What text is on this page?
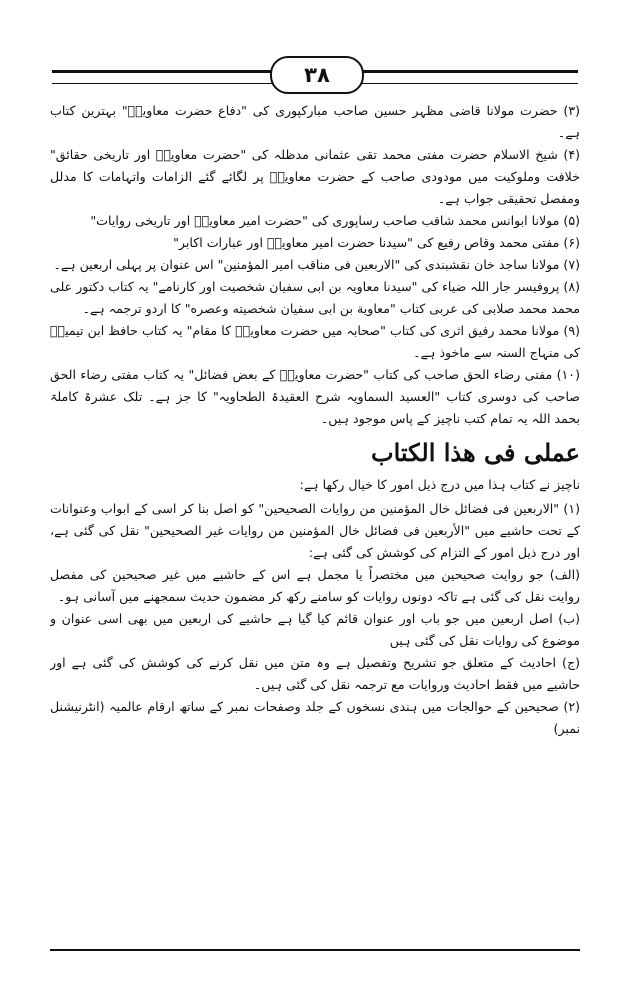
۳۸

(۳) حضرت مولانا قاضی مظہر حسین صاحب مبارکپوری کی "دفاع حضرت معاویہؓ" بہترین کتاب ہے۔

(۴) شیخ الاسلام حضرت مفتی محمد تقی عثمانی مدظلہ کی "حضرت معاویہؓ اور تاریخی حقائق" خلافت وملوکیت میں مودودی صاحب کے حضرت معاویہؓ پر لگائے گئے الزامات واتہامات کا مدلل ومفصل تحقیقی جواب ہے۔

(۵) مولانا ابوانس محمد شاقب صاحب رساپوری کی "حضرت امیر معاویہؓ اور تاریخی روایات"

(۶) مفتی محمد وقاص رفیع کی "سیدنا حضرت امیر معاویہؓ اور عبارات اکابر"

(۷) مولانا ساجد خان نقشبندی کی "الاربعین فی مناقب امیر المؤمنین" اس عنوان پر پہلی اربعین ہے۔

(۸) پروفیسر جار اللہ ضیاء کی "سیدنا معاویہ بن ابی سفیان شخصیت اور کارنامے" یہ کتاب دکتور علی محمد محمد صلابی کی عربی کتاب "معاویة بن ابی سفیان شخصیته وعصره" کا اردو ترجمہ ہے۔

(۹) مولانا محمد رفیق اثری کی کتاب "صحابہ میں حضرت معاویہؓ کا مقام" یہ کتاب حافظ ابن تیمیہؒ کی منہاج السنہ سے ماخوذ ہے۔

(۱۰) مفتی رضاء الحق صاحب کی کتاب "حضرت معاویہؓ کے بعض فضائل" یہ کتاب مفتی رضاء الحق صاحب کی دوسری کتاب "العسید السماویہ شرح العقیدۃ الطحاویہ" کا جز ہے۔ تلک عشرۃ کاملۃ بحمد اللہ یہ تمام کتب ناچیز کے پاس موجود ہیں۔

عملی فی هذا الکتاب

ناچیز نے کتاب ہذا میں درج ذیل امور کا خیال رکھا ہے:

(۱) "الاربعین فی فضائل خال المؤمنین من روایات الصحیحین" کو اصل بنا کر اسی کے ابواب وعنوانات کے تحت حاشیے میں "الأربعین فی فضائل خال المؤمنین من روایات غیر الصحیحین" نقل کی گئی ہے، اور درج ذیل امور کے التزام کی کوشش کی گئی ہے:

(الف) جو روایت صحیحین میں مختصراً یا مجمل ہے اس کے حاشیے میں غیر صحیحین کی مفصل روایت نقل کی گئی ہے تاکہ دونوں روایات کو سامنے رکھ کر مضمون حدیث سمجھنے میں آسانی ہو۔

(ب) اصل اربعین میں جو باب اور عنوان قائم کیا گیا ہے حاشیے کی اربعین میں بھی اسی عنوان و موضوع کی روایات نقل کی گئی ہیں

(ج) احادیث کے متعلق جو تشریح وتفصیل ہے وہ متن میں نقل کرنے کی کوشش کی گئی ہے اور حاشیے میں فقط احادیث وروایات مع ترجمہ نقل کی گئی ہیں۔

(۲) صحیحین کے حوالجات میں ہندی نسخوں کے جلد وصفحات نمبر کے ساتھ ارقام عالمیہ (انٹرنیشنل نمبر)
